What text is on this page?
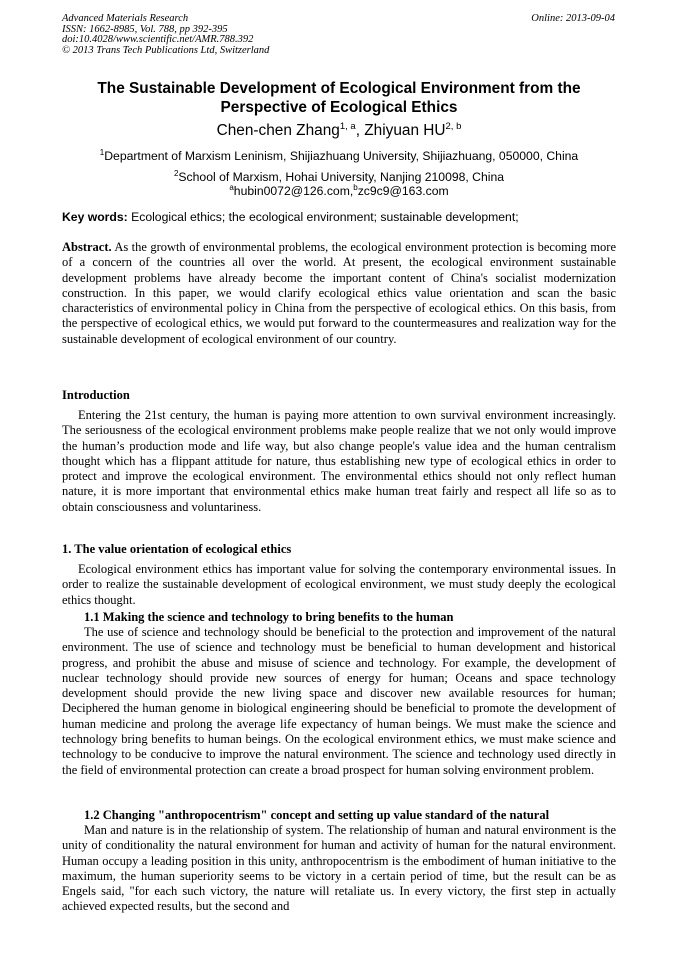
Advanced Materials Research
ISSN: 1662-8985, Vol. 788, pp 392-395
doi:10.4028/www.scientific.net/AMR.788.392
© 2013 Trans Tech Publications Ltd, Switzerland
Online: 2013-09-04
The Sustainable Development of Ecological Environment from the
Perspective of Ecological Ethics
Chen-chen Zhang$^{1, a}$, Zhiyuan HU$^{2, b}$
$^1$Department of Marxism Leninism, Shijiazhuang University, Shijiazhuang, 050000, China
$^2$School of Marxism, Hohai University, Nanjing 210098, China
$^a$hubin0072@126.com,$^b$zc9c9@163.com
Key words: Ecological ethics; the ecological environment; sustainable development;
Abstract. As the growth of environmental problems, the ecological environment protection is becoming more of a concern of the countries all over the world. At present, the ecological environment sustainable development problems have already become the important content of China's socialist modernization construction. In this paper, we would clarify ecological ethics value orientation and scan the basic characteristics of environmental policy in China from the perspective of ecological ethics. On this basis, from the perspective of ecological ethics, we would put forward to the countermeasures and realization way for the sustainable development of ecological environment of our country.
Introduction
Entering the 21st century, the human is paying more attention to own survival environment increasingly. The seriousness of the ecological environment problems make people realize that we not only would improve the human’s production mode and life way, but also change people's value idea and the human centralism thought which has a flippant attitude for nature, thus establishing new type of ecological ethics in order to protect and improve the ecological environment. The environmental ethics should not only reflect human nature, it is more important that environmental ethics make human treat fairly and respect all life so as to obtain consciousness and voluntariness.
1. The value orientation of ecological ethics
Ecological environment ethics has important value for solving the contemporary environmental issues. In order to realize the sustainable development of ecological environment, we must study deeply the ecological ethics thought.
1.1 Making the science and technology to bring benefits to the human
The use of science and technology should be beneficial to the protection and improvement of the natural environment. The use of science and technology must be beneficial to human development and historical progress, and prohibit the abuse and misuse of science and technology. For example, the development of nuclear technology should provide new sources of energy for human; Oceans and space technology development should provide the new living space and discover new available resources for human; Deciphered the human genome in biological engineering should be beneficial to promote the development of human medicine and prolong the average life expectancy of human beings. We must make the science and technology bring benefits to human beings. On the ecological environment ethics, we must make science and technology to be conducive to improve the natural environment. The science and technology used directly in the field of environmental protection can create a broad prospect for human solving environment problem.
1.2 Changing "anthropocentrism" concept and setting up value standard of the natural
Man and nature is in the relationship of system. The relationship of human and natural environment is the unity of conditionality the natural environment for human and activity of human for the natural environment. Human occupy a leading position in this unity, anthropocentrism is the embodiment of human initiative to the maximum, the human superiority seems to be victory in a certain period of time, but the result can be as Engels said, "for each such victory, the nature will retaliate us. In every victory, the first step in actually achieved expected results, but the second and
